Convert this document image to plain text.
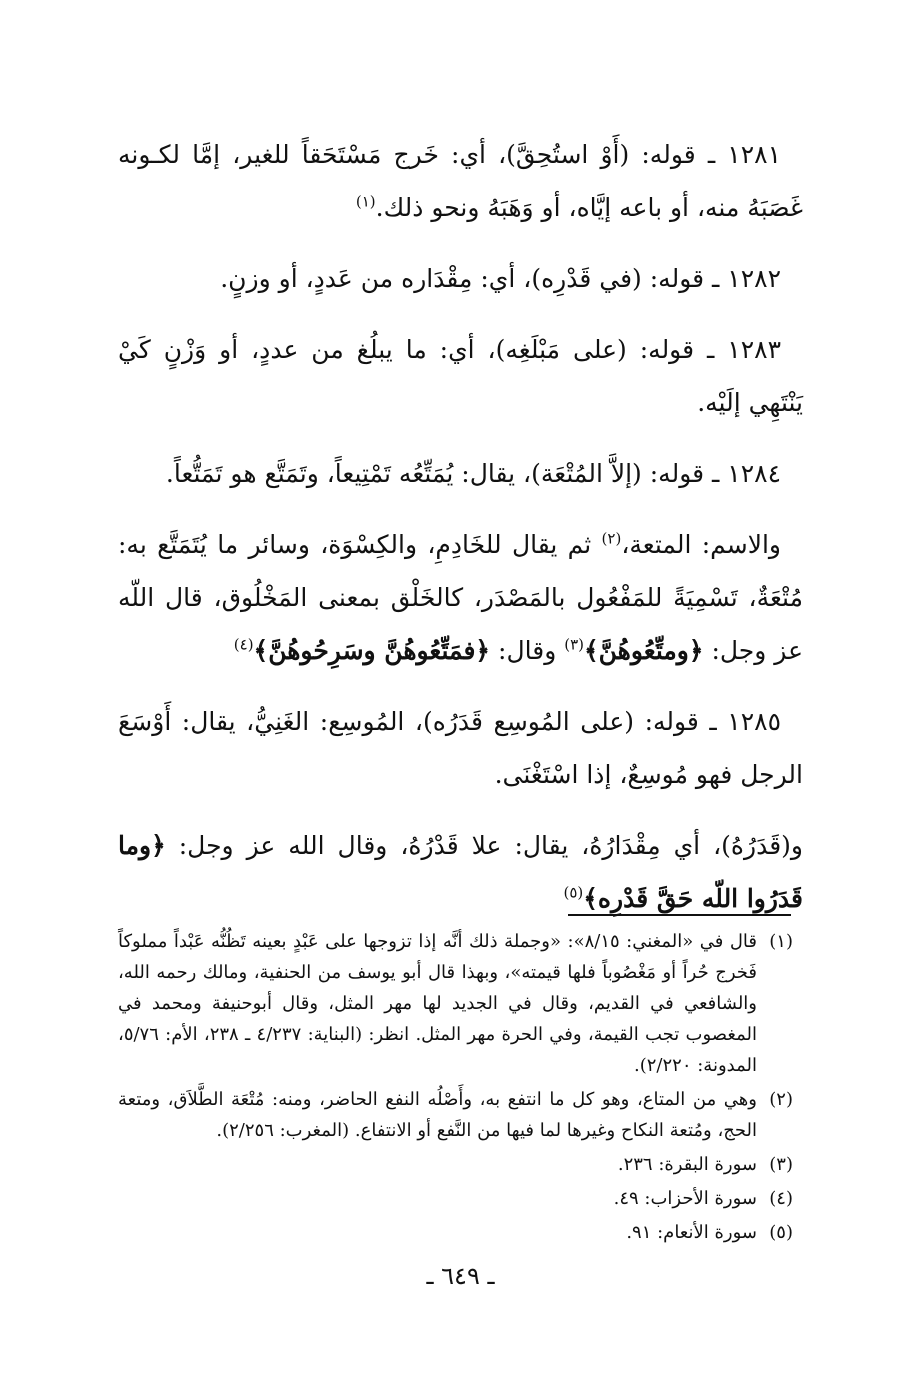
١٢٨١ ـ قوله: (أَوْ استُحِقَّ)، أي: خَرج مَسْتَحَقاً للغير، إمَّا لكـونه غَصَبَهُ منه، أو باعه إيَّاه، أو وَهَبَهُ ونحو ذلك.$^{(١)}$

١٢٨٢ ـ قوله: (في قَدْرِه)، أي: مِقْدَاره من عَددٍ، أو وزنٍ.

١٢٨٣ ـ قوله: (على مَبْلَغِه)، أي: ما يبلُغ من عددٍ، أو وَزْنٍ كَيْ يَنْتَهِي إلَيْه.

١٢٨٤ ـ قوله: (إلاَّ المُتْعَة)، يقال: يُمَتِّعُه تَمْتِيعاً، وتَمَتَّع هو تَمَتُّعاً.

والاسم: المتعة،$^{(٢)}$ ثم يقال للخَادِمِ، والكِسْوَة، وسائر ما يُتَمَتَّع به: مُتْعَةٌ، تَسْمِيَةً للمَفْعُول بالمَصْدَر، كالخَلْق بمعنى المَخْلُوق، قال اللّه عز وجل: ﴿ومتِّعُوهُنَّ﴾$^{(٣)}$ وقال: ﴿فمَتِّعُوهُنَّ وسَرِحُوهُنَّ﴾$^{(٤)}$

١٢٨٥ ـ قوله: (على المُوسِع قَدَرُه)، المُوسِع: الغَنِيُّ، يقال: أَوْسَعَ الرجل فهو مُوسِعٌ، إذا اسْتَغْنَى.

و(قَدَرُهُ)، أي مِقْدَارُهُ، يقال: علا قَدْرُهُ، وقال الله عز وجل: ﴿وما قَدَرُوا اللّه حَقَّ قَدْرِه﴾$^{(٥)}$

(١)
قال في «المغني: ٨/١٥»: «وجملة ذلك أنَّه إذا تزوجها على عَبْدٍ بعينه تَظُنُّه عَبْداً مملوكاً فَخرج حُراً أو مَغْصُوباً فلها قيمته»، وبهذا قال أبو يوسف من الحنفية، ومالك رحمه الله، والشافعي في القديم، وقال في الجديد لها مهر المثل، وقال أبوحنيفة ومحمد في المغصوب تجب القيمة، وفي الحرة مهر المثل. انظر: (البناية: ٤/٢٣٧ ـ ٢٣٨، الأم: ٥/٧٦، المدونة: ٢/٢٢٠).
(٢)
وهي من المتاع، وهو كل ما انتفع به، وأَصْلُه النفع الحاضر، ومنه: مُتْعَة الطَّلاَق، ومتعة الحج، ومُتعة النكاح وغيرها لما فيها من النَّفع أو الانتفاع. (المغرب: ٢/٢٥٦).
(٣)
سورة البقرة: ٢٣٦.
(٤)
سورة الأحزاب: ٤٩.
(٥)
سورة الأنعام: ٩١.
ـ ٦٤٩ ـ
